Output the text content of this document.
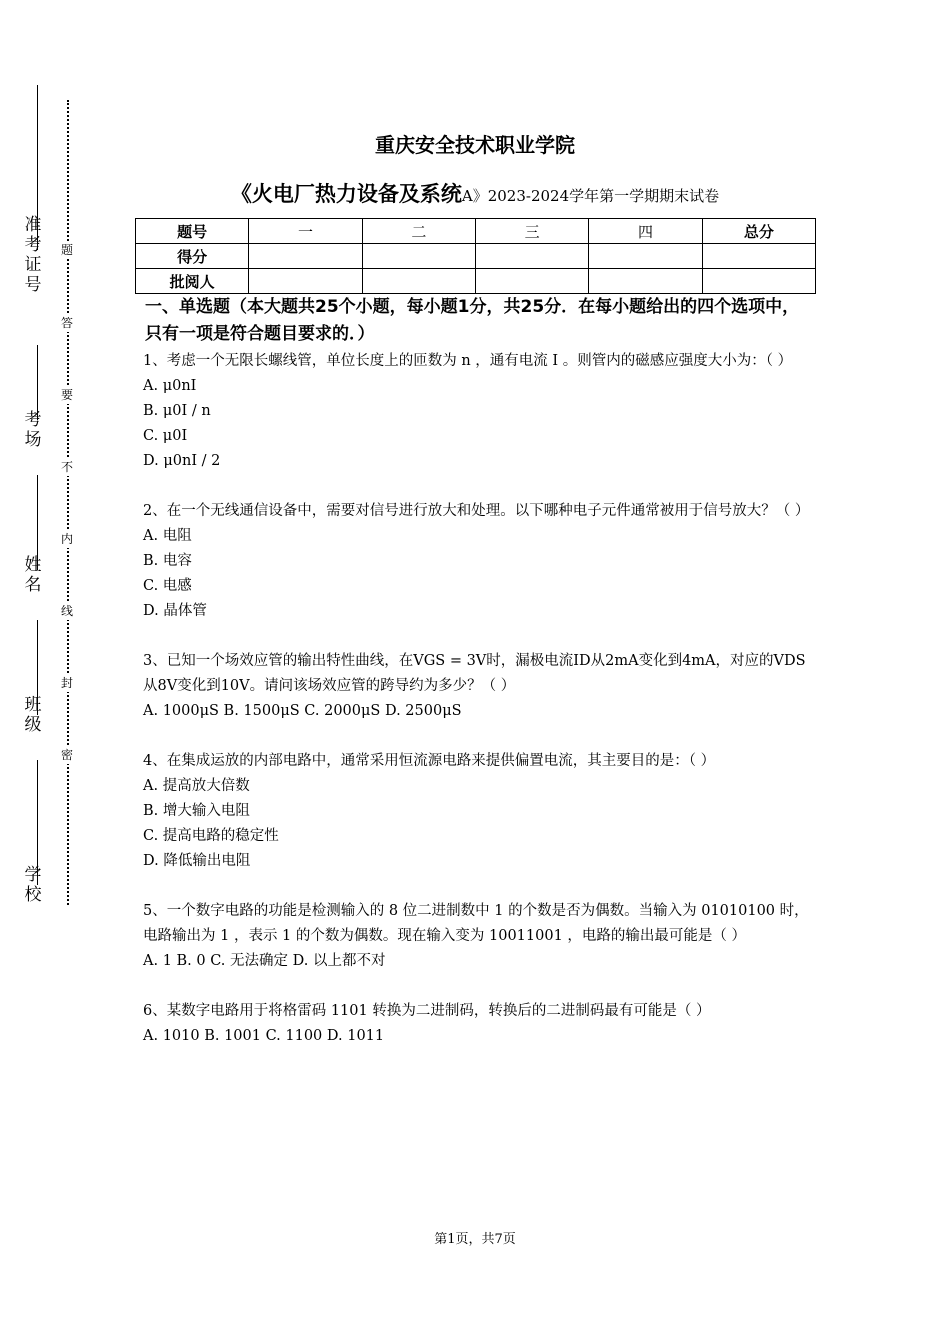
准
考
证
号
考
场
姓
名
班
级
学
校
题
答
要
不
内
线
封
密
重庆安全技术职业学院
《火电厂热力设备及系统A》2023-2024学年第一学期期末试卷
题号	一	二	三	四	总分
得分					
批阅人					
一、单选题（本大题共25个小题，每小题1分，共25分．在每小题给出的四个选项中，只有一项是符合题目要求的．）

1、考虑一个无限长螺线管，单位长度上的匝数为 n ，通有电流 I 。则管内的磁感应强度大小为：（ ）

A. μ0nI

B. μ0I / n

C. μ0I

D. μ0nI / 2

2、在一个无线通信设备中，需要对信号进行放大和处理。以下哪种电子元件通常被用于信号放大？（ ）

A. 电阻

B. 电容

C. 电感

D. 晶体管

3、已知一个场效应管的输出特性曲线，在VGS = 3V时，漏极电流ID从2mA变化到4mA，对应的VDS从8V变化到10V。请问该场效应管的跨导约为多少？（ ）

A. 1000μS B. 1500μS C. 2000μS D. 2500μS

4、在集成运放的内部电路中，通常采用恒流源电路来提供偏置电流，其主要目的是：（ ）

A. 提高放大倍数

B. 增大输入电阻

C. 提高电路的稳定性

D. 降低输出电阻

5、一个数字电路的功能是检测输入的 8 位二进制数中 1 的个数是否为偶数。当输入为 01010100 时，电路输出为 1 ，表示 1 的个数为偶数。现在输入变为 10011001 ，电路的输出最可能是（ ）

A. 1 B. 0 C. 无法确定 D. 以上都不对

6、某数字电路用于将格雷码 1101 转换为二进制码，转换后的二进制码最有可能是（ ）

A. 1010 B. 1001 C. 1100 D. 1011

第1页，共7页
